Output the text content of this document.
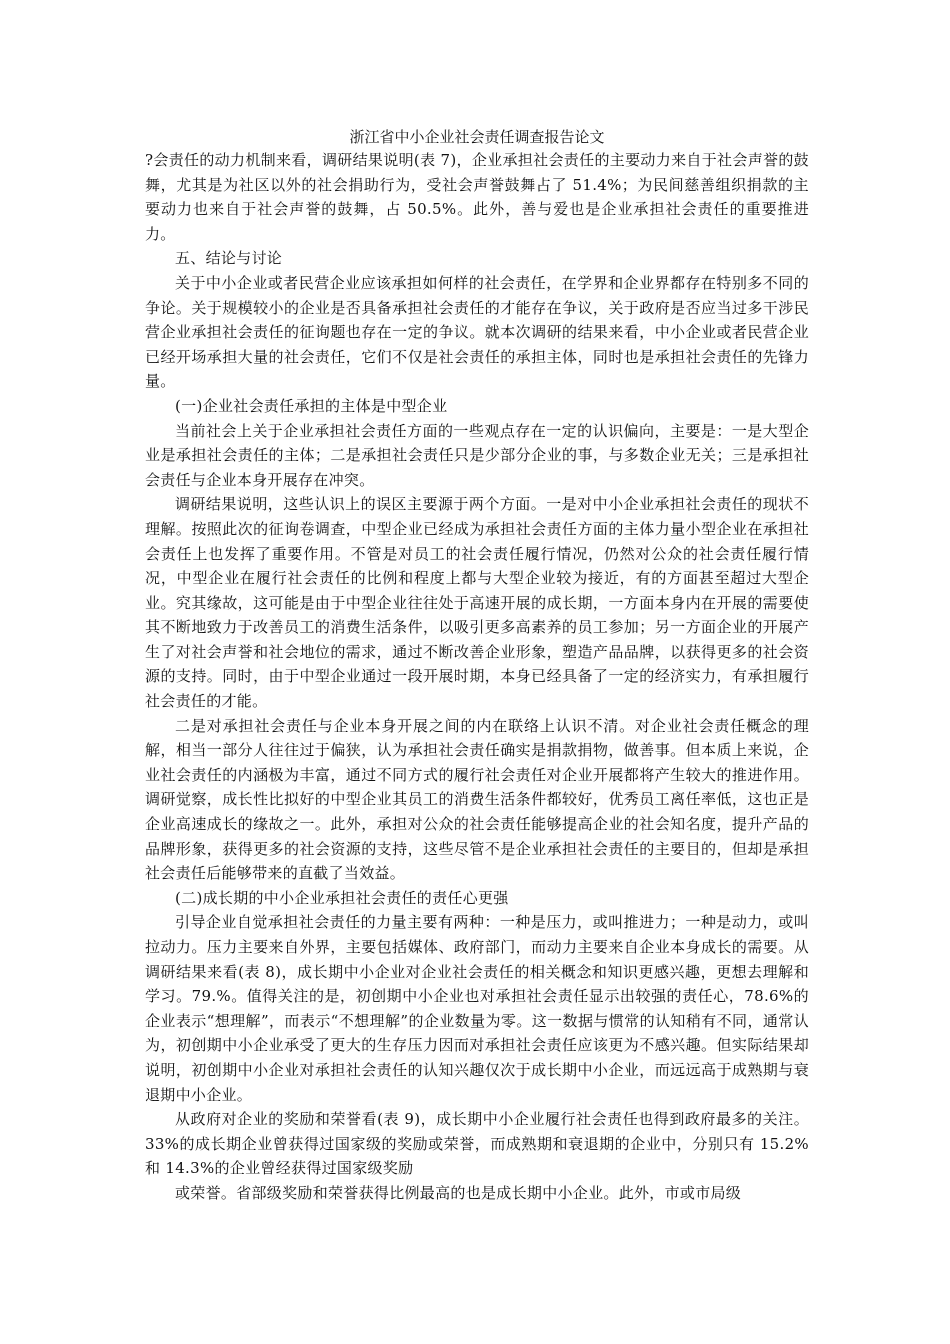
浙江省中小企业社会责任调查报告论文

?会责任的动力机制来看，调研结果说明(表 7)，企业承担社会责任的主要动力来自于社会声誉的鼓舞，尤其是为社区以外的社会捐助行为，受社会声誉鼓舞占了 51.4%；为民间慈善组织捐款的主要动力也来自于社会声誉的鼓舞，占 50.5%。此外，善与爱也是企业承担社会责任的重要推进力。

五、结论与讨论

关于中小企业或者民营企业应该承担如何样的社会责任，在学界和企业界都存在特别多不同的争论。关于规模较小的企业是否具备承担社会责任的才能存在争议，关于政府是否应当过多干涉民营企业承担社会责任的征询题也存在一定的争议。就本次调研的结果来看，中小企业或者民营企业已经开场承担大量的社会责任，它们不仅是社会责任的承担主体，同时也是承担社会责任的先锋力量。

(一)企业社会责任承担的主体是中型企业

当前社会上关于企业承担社会责任方面的一些观点存在一定的认识偏向，主要是：一是大型企业是承担社会责任的主体；二是承担社会责任只是少部分企业的事，与多数企业无关；三是承担社会责任与企业本身开展存在冲突。

调研结果说明，这些认识上的误区主要源于两个方面。一是对中小企业承担社会责任的现状不理解。按照此次的征询卷调查，中型企业已经成为承担社会责任方面的主体力量小型企业在承担社会责任上也发挥了重要作用。不管是对员工的社会责任履行情况，仍然对公众的社会责任履行情况，中型企业在履行社会责任的比例和程度上都与大型企业较为接近，有的方面甚至超过大型企业。究其缘故，这可能是由于中型企业往往处于高速开展的成长期，一方面本身内在开展的需要使其不断地致力于改善员工的消费生活条件，以吸引更多高素养的员工参加；另一方面企业的开展产生了对社会声誉和社会地位的需求，通过不断改善企业形象，塑造产品品牌，以获得更多的社会资源的支持。同时，由于中型企业通过一段开展时期，本身已经具备了一定的经济实力，有承担履行社会责任的才能。

二是对承担社会责任与企业本身开展之间的内在联络上认识不清。对企业社会责任概念的理解，相当一部分人往往过于偏狭，认为承担社会责任确实是捐款捐物，做善事。但本质上来说，企业社会责任的内涵极为丰富，通过不同方式的履行社会责任对企业开展都将产生较大的推进作用。调研觉察，成长性比拟好的中型企业其员工的消费生活条件都较好，优秀员工离任率低，这也正是企业高速成长的缘故之一。此外，承担对公众的社会责任能够提高企业的社会知名度，提升产品的品牌形象，获得更多的社会资源的支持，这些尽管不是企业承担社会责任的主要目的，但却是承担社会责任后能够带来的直截了当效益。

(二)成长期的中小企业承担社会责任的责任心更强

引导企业自觉承担社会责任的力量主要有两种：一种是压力，或叫推进力；一种是动力，或叫拉动力。压力主要来自外界，主要包括媒体、政府部门，而动力主要来自企业本身成长的需要。从调研结果来看(表 8)，成长期中小企业对企业社会责任的相关概念和知识更感兴趣，更想去理解和学习。79.%。值得关注的是，初创期中小企业也对承担社会责任显示出较强的责任心，78.6%的企业表示“想理解”，而表示“不想理解”的企业数量为零。这一数据与惯常的认知稍有不同，通常认为，初创期中小企业承受了更大的生存压力因而对承担社会责任应该更为不感兴趣。但实际结果却说明，初创期中小企业对承担社会责任的认知兴趣仅次于成长期中小企业，而远远高于成熟期与衰退期中小企业。

从政府对企业的奖励和荣誉看(表 9)，成长期中小企业履行社会责任也得到政府最多的关注。33%的成长期企业曾获得过国家级的奖励或荣誉，而成熟期和衰退期的企业中，分别只有 15.2%和 14.3%的企业曾经获得过国家级奖励

或荣誉。省部级奖励和荣誉获得比例最高的也是成长期中小企业。此外，市或市局级
